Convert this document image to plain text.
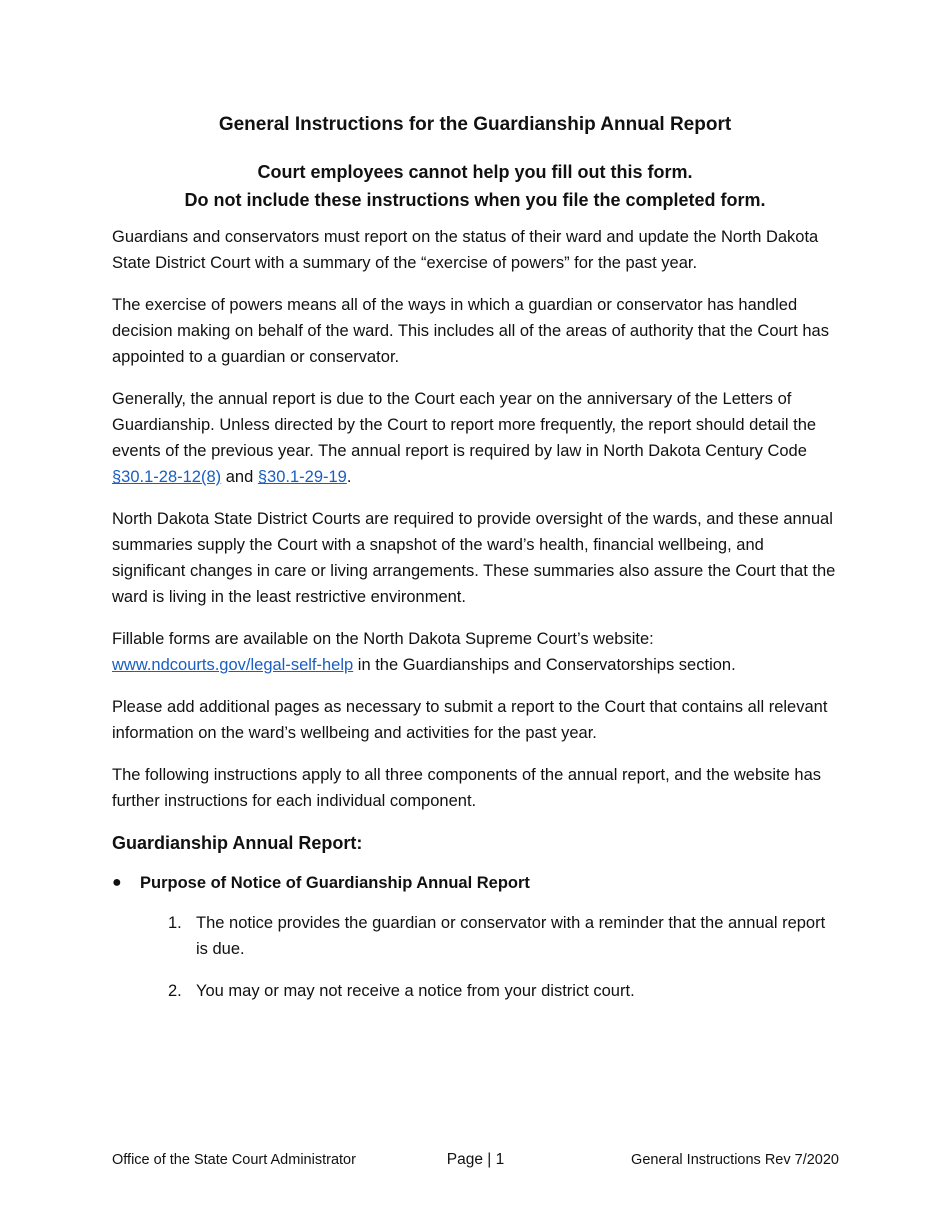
General Instructions for the Guardianship Annual Report
Court employees cannot help you fill out this form.
Do not include these instructions when you file the completed form.

Guardians and conservators must report on the status of their ward and update the North Dakota State District Court with a summary of the “exercise of powers” for the past year.

The exercise of powers means all of the ways in which a guardian or conservator has handled decision making on behalf of the ward. This includes all of the areas of authority that the Court has appointed to a guardian or conservator.

Generally, the annual report is due to the Court each year on the anniversary of the Letters of Guardianship. Unless directed by the Court to report more frequently, the report should detail the events of the previous year. The annual report is required by law in North Dakota Century Code §30.1-28-12(8) and §30.1-29-19.

North Dakota State District Courts are required to provide oversight of the wards, and these annual summaries supply the Court with a snapshot of the ward’s health, financial wellbeing, and significant changes in care or living arrangements. These summaries also assure the Court that the ward is living in the least restrictive environment.

Fillable forms are available on the North Dakota Supreme Court’s website:
www.ndcourts.gov/legal-self-help in the Guardianships and Conservatorships section.

Please add additional pages as necessary to submit a report to the Court that contains all relevant information on the ward’s wellbeing and activities for the past year.

The following instructions apply to all three components of the annual report, and the website has further instructions for each individual component.

Guardianship Annual Report:
●	Purpose of Notice of Guardianship Annual Report
1. The notice provides the guardian or conservator with a reminder that the annual report is due.
2. You may or may not receive a notice from your district court.
Office of the State Court Administrator	Page | 1	General Instructions Rev 7/2020
